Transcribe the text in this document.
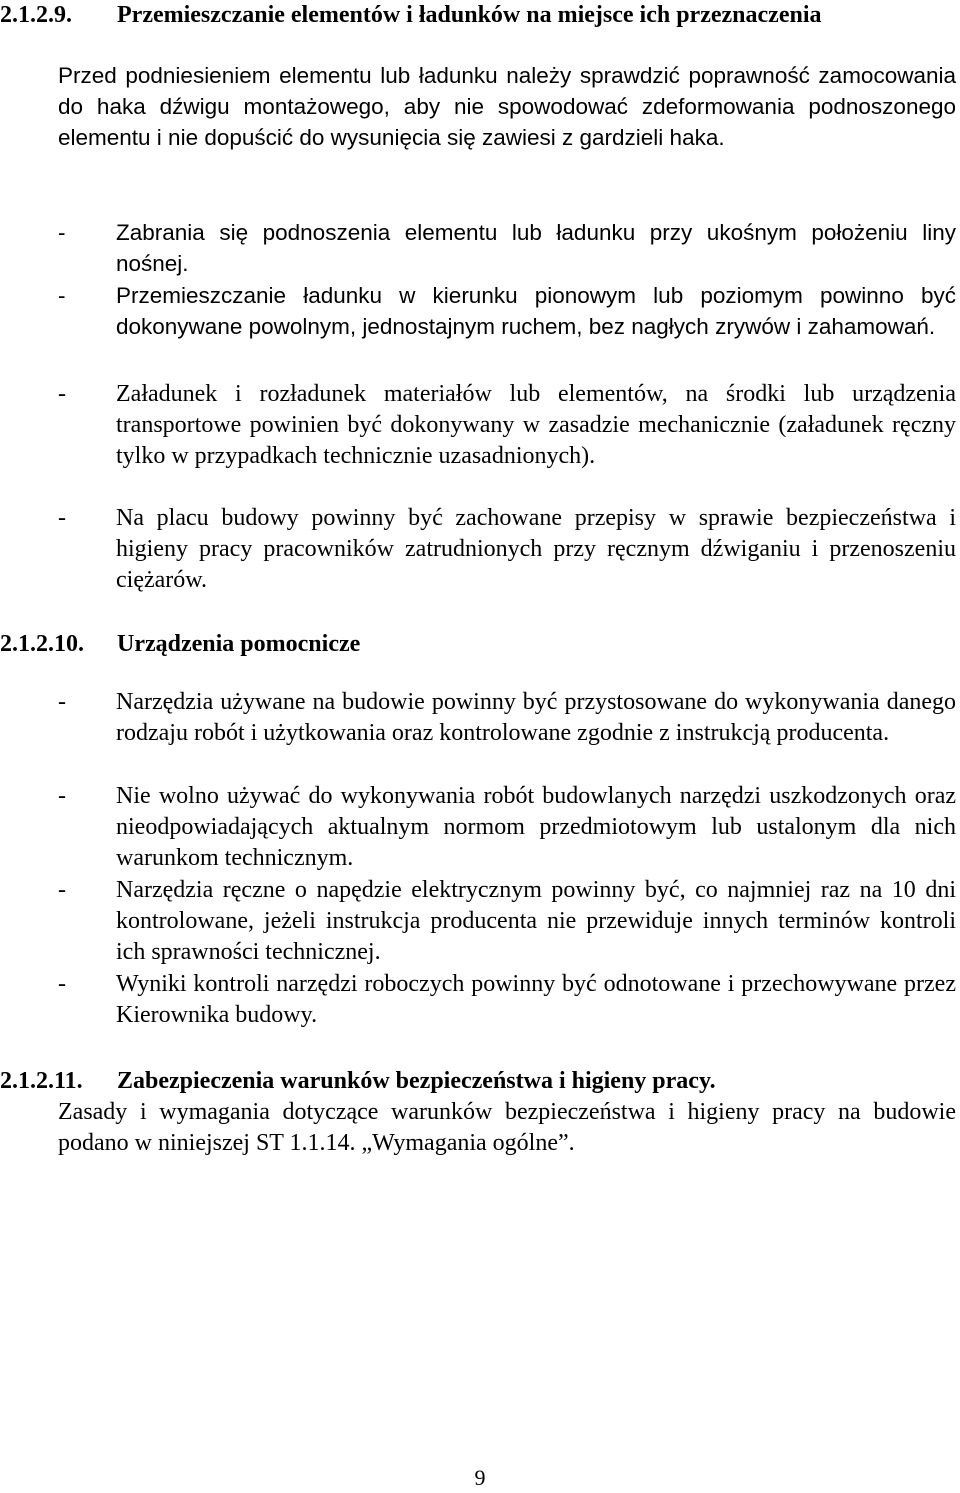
2.1.2.9. Przemieszczanie elementów i ładunków na miejsce ich przeznaczenia
Przed podniesieniem elementu lub ładunku należy sprawdzić poprawność zamocowania do haka dźwigu montażowego, aby nie spowodować zdeformowania podnoszonego elementu i nie dopuścić do wysunięcia się zawiesi z gardzieli haka.
- Zabrania się podnoszenia elementu lub ładunku przy ukośnym położeniu liny nośnej.
- Przemieszczanie ładunku w kierunku pionowym lub poziomym powinno być dokonywane powolnym, jednostajnym ruchem, bez nagłych zrywów i zahamowań.
- Załadunek i rozładunek materiałów lub elementów, na środki lub urządzenia transportowe powinien być dokonywany w zasadzie mechanicznie (załadunek ręczny tylko w przypadkach technicznie uzasadnionych).
- Na placu budowy powinny być zachowane przepisy w sprawie bezpieczeństwa i higieny pracy pracowników zatrudnionych przy ręcznym dźwiganiu i przenoszeniu ciężarów.
2.1.2.10. Urządzenia pomocnicze
- Narzędzia używane na budowie powinny być przystosowane do wykonywania danego rodzaju robót i użytkowania oraz kontrolowane zgodnie z instrukcją producenta.
- Nie wolno używać do wykonywania robót budowlanych narzędzi uszkodzonych oraz nieodpowiadających aktualnym normom przedmiotowym lub ustalonym dla nich warunkom technicznym.
- Narzędzia ręczne o napędzie elektrycznym powinny być, co najmniej raz na 10 dni kontrolowane, jeżeli instrukcja producenta nie przewiduje innych terminów kontroli ich sprawności technicznej.
- Wyniki kontroli narzędzi roboczych powinny być odnotowane i przechowywane przez Kierownika budowy.
2.1.2.11. Zabezpieczenia warunków bezpieczeństwa i higieny pracy.
Zasady i wymagania dotyczące warunków bezpieczeństwa i higieny pracy na budowie podano w niniejszej ST 1.1.14. „Wymagania ogólne”.
9
